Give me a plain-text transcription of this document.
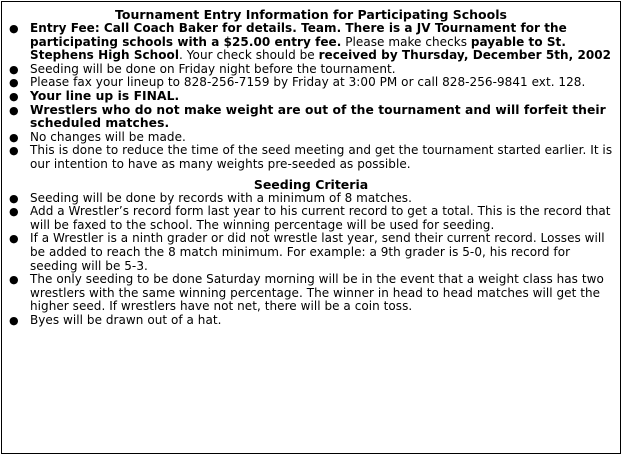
Tournament Entry Information for Participating Schools
● Entry Fee: Call Coach Baker for details. Team. There is a JV Tournament for the participating schools with a $25.00 entry fee. Please make checks payable to St. Stephens High School. Your check should be received by Thursday, December 5th, 2002
● Seeding will be done on Friday night before the tournament.
● Please fax your lineup to 828-256-7159 by Friday at 3:00 PM or call 828-256-9841 ext. 128.
● Your line up is FINAL.
● Wrestlers who do not make weight are out of the tournament and will forfeit their scheduled matches.
● No changes will be made.
● This is done to reduce the time of the seed meeting and get the tournament started earlier. It is our intention to have as many weights pre-seeded as possible.
Seeding Criteria
● Seeding will be done by records with a minimum of 8 matches.
● Add a Wrestler’s record form last year to his current record to get a total. This is the record that will be faxed to the school. The winning percentage will be used for seeding.
● If a Wrestler is a ninth grader or did not wrestle last year, send their current record. Losses will be added to reach the 8 match minimum. For example: a 9th grader is 5-0, his record for seeding will be 5-3.
● The only seeding to be done Saturday morning will be in the event that a weight class has two wrestlers with the same winning percentage. The winner in head to head matches will get the higher seed. If wrestlers have not net, there will be a coin toss.
● Byes will be drawn out of a hat.
